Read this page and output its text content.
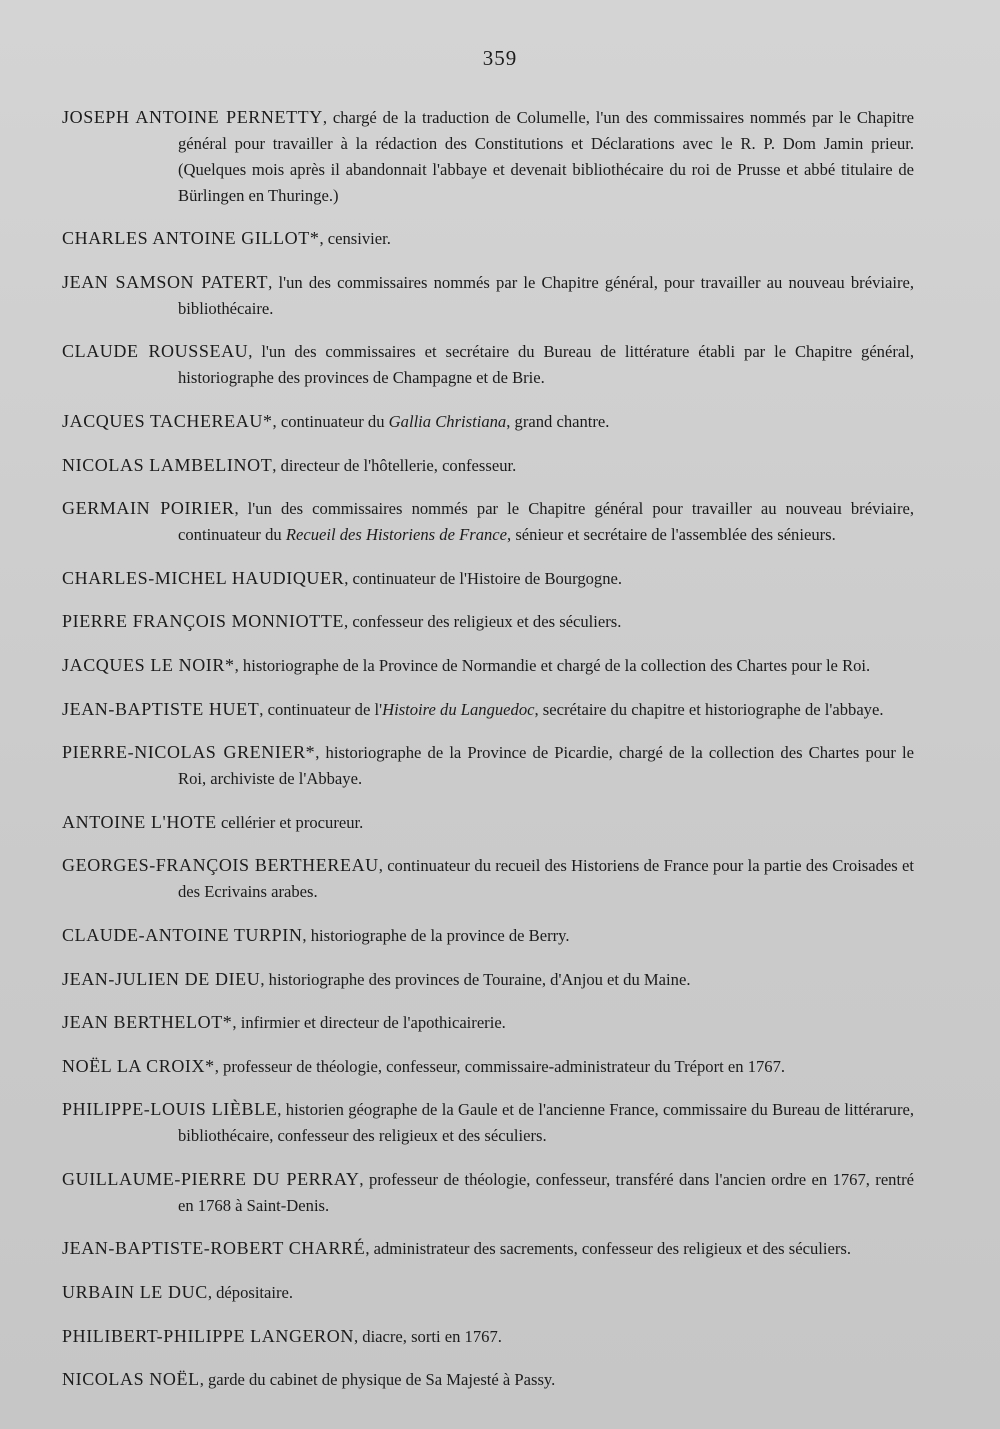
359

JOSEPH ANTOINE PERNETTY, chargé de la traduction de Columelle, l'un des commissaires nommés par le Chapitre général pour travailler à la rédaction des Constitutions et Déclarations avec le R. P. Dom Jamin prieur. (Quelques mois après il abandonnait l'abbaye et devenait bibliothécaire du roi de Prusse et abbé titulaire de Bürlingen en Thuringe.)

CHARLES ANTOINE GILLOT*, censivier.

JEAN SAMSON PATERT, l'un des commissaires nommés par le Chapitre général, pour travailler au nouveau bréviaire, bibliothécaire.

CLAUDE ROUSSEAU, l'un des commissaires et secrétaire du Bureau de littérature établi par le Chapitre général, historiographe des provinces de Champagne et de Brie.

JACQUES TACHEREAU*, continuateur du Gallia Christiana, grand chantre.

NICOLAS LAMBELINOT, directeur de l'hôtellerie, confesseur.

GERMAIN POIRIER, l'un des commissaires nommés par le Chapitre général pour travailler au nouveau bréviaire, continuateur du Recueil des Historiens de France, sénieur et secrétaire de l'assemblée des sénieurs.

CHARLES-MICHEL HAUDIQUER, continuateur de l'Histoire de Bourgogne.

PIERRE FRANÇOIS MONNIOTTE, confesseur des religieux et des séculiers.

JACQUES LE NOIR*, historiographe de la Province de Normandie et chargé de la collection des Chartes pour le Roi.

JEAN-BAPTISTE HUET, continuateur de l'Histoire du Languedoc, secrétaire du chapitre et historiographe de l'abbaye.

PIERRE-NICOLAS GRENIER*, historiographe de la Province de Picardie, chargé de la collection des Chartes pour le Roi, archiviste de l'Abbaye.

ANTOINE L'HOTE cellérier et procureur.

GEORGES-FRANÇOIS BERTHEREAU, continuateur du recueil des Historiens de France pour la partie des Croisades et des Ecrivains arabes.

CLAUDE-ANTOINE TURPIN, historiographe de la province de Berry.

JEAN-JULIEN DE DIEU, historiographe des provinces de Touraine, d'Anjou et du Maine.

JEAN BERTHELOT*, infirmier et directeur de l'apothicairerie.

NOËL LA CROIX*, professeur de théologie, confesseur, commissaire-administrateur du Tréport en 1767.

PHILIPPE-LOUIS LIÈBLE, historien géographe de la Gaule et de l'ancienne France, commissaire du Bureau de littérarure, bibliothécaire, confesseur des religieux et des séculiers.

GUILLAUME-PIERRE DU PERRAY, professeur de théologie, confesseur, transféré dans l'ancien ordre en 1767, rentré en 1768 à Saint-Denis.

JEAN-BAPTISTE-ROBERT CHARRÉ, administrateur des sacrements, confesseur des religieux et des séculiers.

URBAIN LE DUC, dépositaire.

PHILIBERT-PHILIPPE LANGERON, diacre, sorti en 1767.

NICOLAS NOËL, garde du cabinet de physique de Sa Majesté à Passy.
